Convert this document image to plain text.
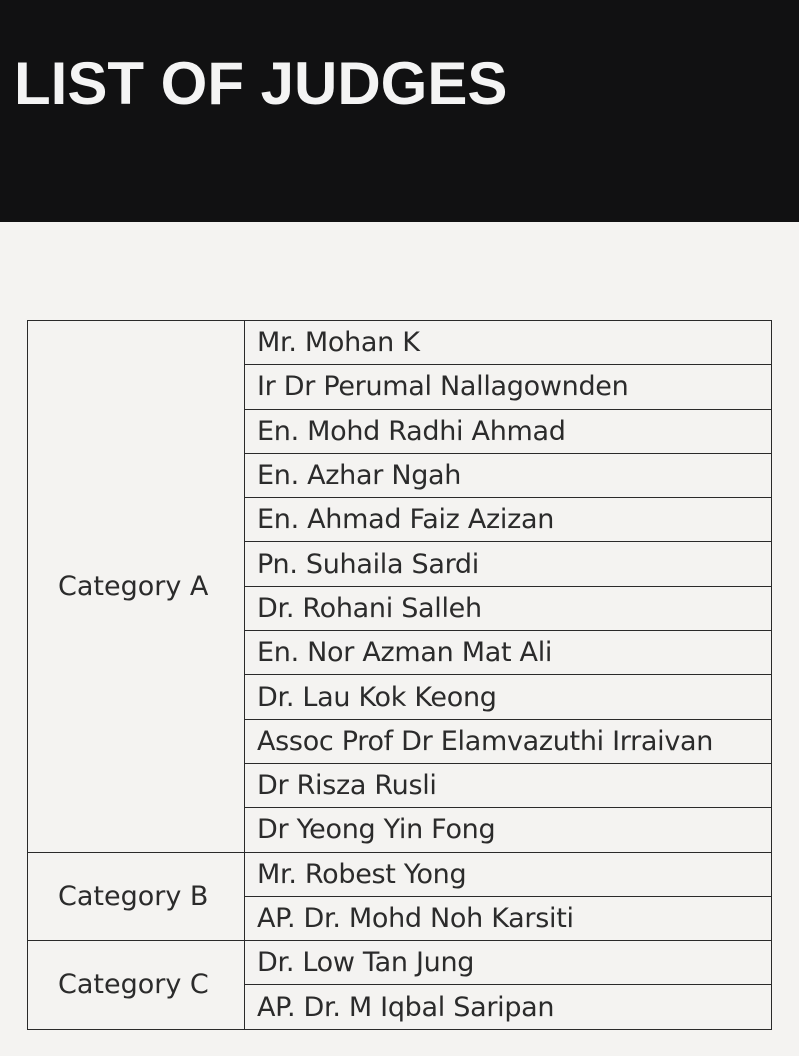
LIST OF JUDGES
Category A	Mr. Mohan K
	Ir Dr Perumal Nallagownden
	En. Mohd Radhi Ahmad
	En. Azhar Ngah
	En. Ahmad Faiz Azizan
	Pn. Suhaila Sardi
	Dr. Rohani Salleh
	En. Nor Azman Mat Ali
	Dr. Lau Kok Keong
	Assoc Prof Dr Elamvazuthi Irraivan
	Dr Risza Rusli
	Dr Yeong Yin Fong
Category B	Mr. Robest Yong
	AP. Dr. Mohd Noh Karsiti
Category C	Dr. Low Tan Jung
	AP. Dr. M Iqbal Saripan
